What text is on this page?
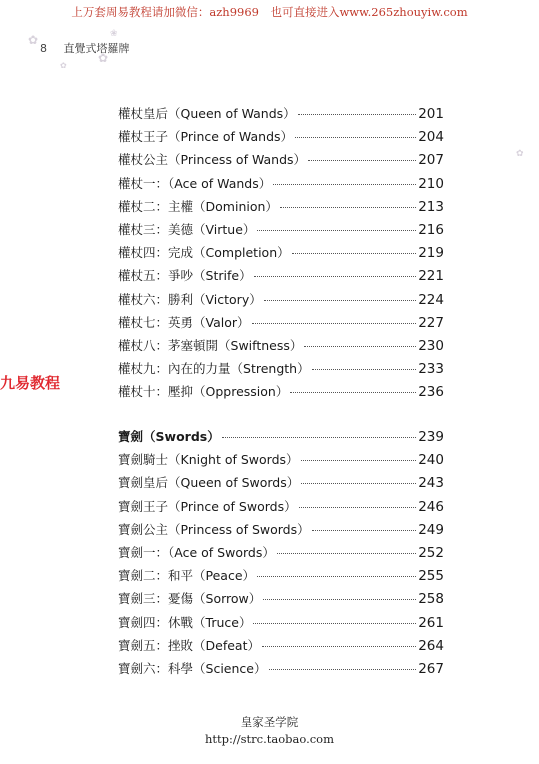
上万套周易教程请加微信：azh9969　也可直接进入www.265zhouyiw.com
8 直覺式塔羅牌
✿
✿
❀
✿
✿
九易教程
權杖皇后（Queen of Wands）	201
權杖王子（Prince of Wands）	204
權杖公主（Princess of Wands）	207
權杖一：（Ace of Wands）	210
權杖二：主權（Dominion）	213
權杖三：美德（Virtue）	216
權杖四：完成（Completion）	219
權杖五：爭吵（Strife）	221
權杖六：勝利（Victory）	224
權杖七：英勇（Valor）	227
權杖八：茅塞頓開（Swiftness）	230
權杖九：內在的力量（Strength）	233
權杖十：壓抑（Oppression）	236
寶劍（Swords）	239
寶劍騎士（Knight of Swords）	240
寶劍皇后（Queen of Swords）	243
寶劍王子（Prince of Swords）	246
寶劍公主（Princess of Swords）	249
寶劍一：（Ace of Swords）	252
寶劍二：和平（Peace）	255
寶劍三：憂傷（Sorrow）	258
寶劍四：休戰（Truce）	261
寶劍五：挫敗（Defeat）	264
寶劍六：科學（Science）	267
皇家圣学院
http://strc.taobao.com
